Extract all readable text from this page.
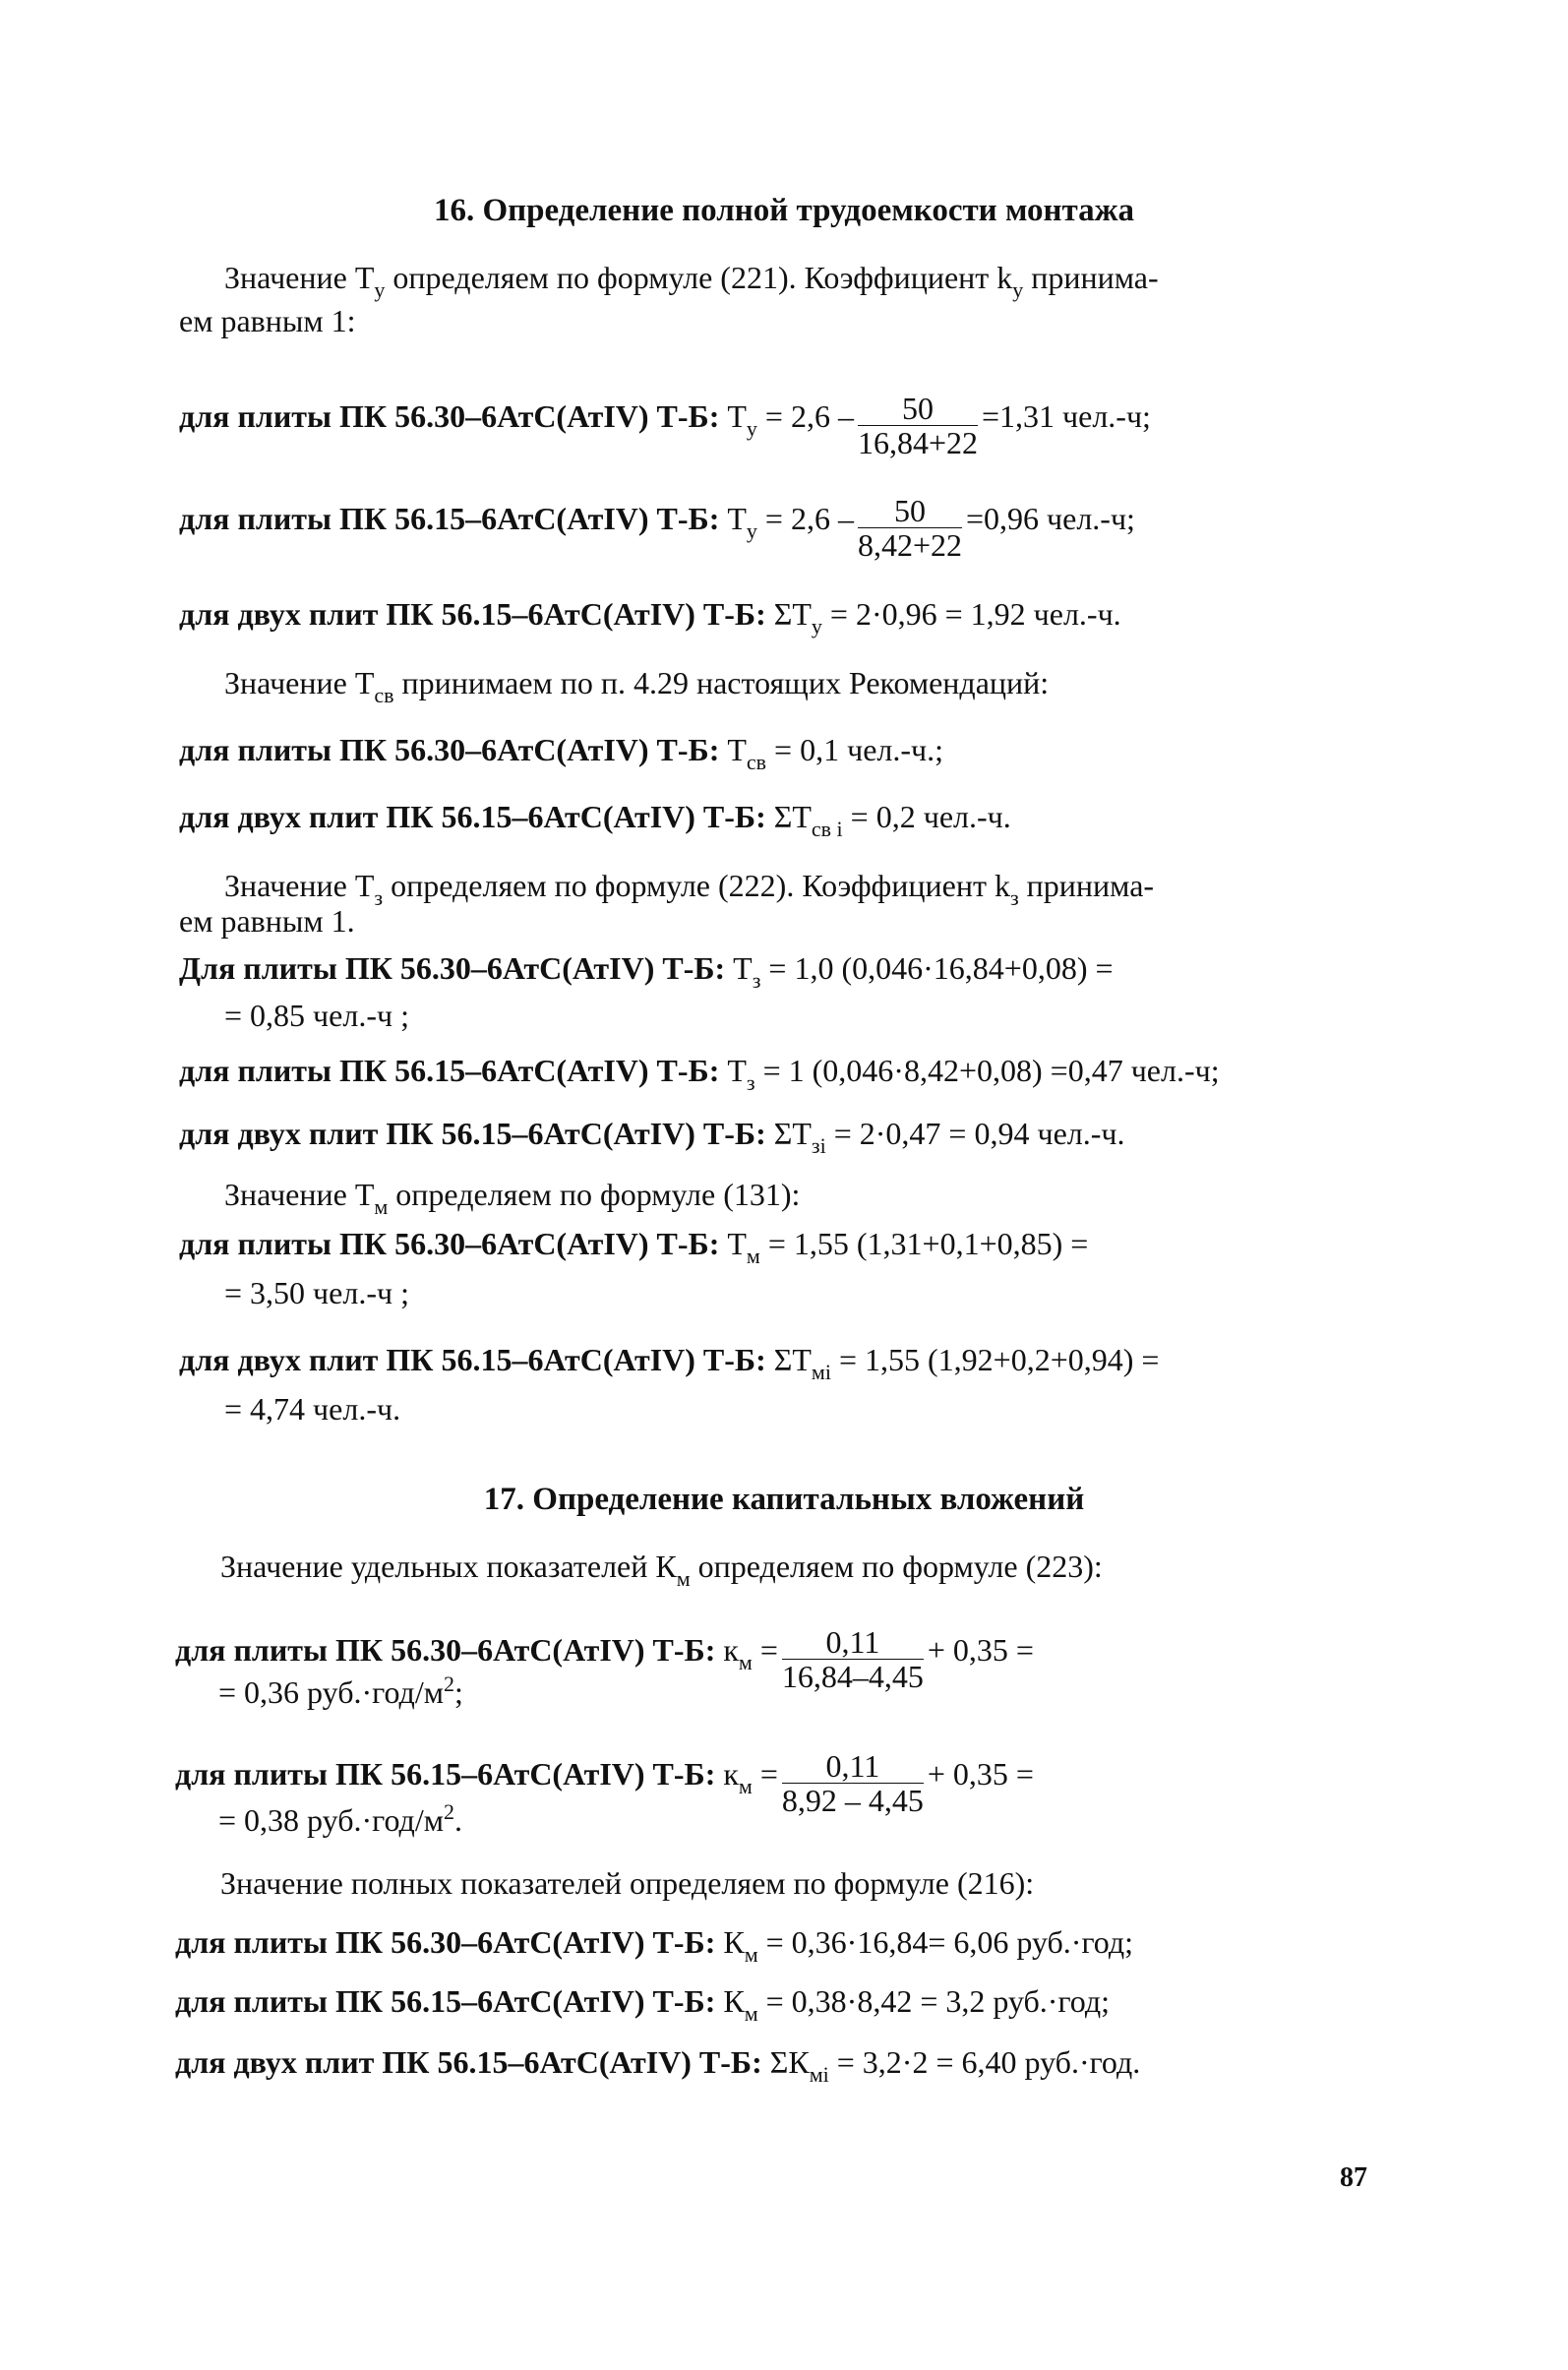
16. Определение полной трудоемкости монтажа
Значение $Т_у$ определяем по формуле (221). Коэффициент $k_у$ принима-
ем равным 1:
для плиты ПК 56.30–6АтС(АтIV) Т-Б: $Т_у = 2,6 - \frac{50}{16,84+22} =1,31$ чел.-ч;
для плиты ПК 56.15–6АтС(АтIV) Т-Б: $Т_у = 2,6 - \frac{50}{8,42+22} =0,96$ чел.-ч;
для двух плит ПК 56.15–6АтС(АтIV) Т-Б: $\Sigma Т_у = 2\cdot 0,96 = 1,92$ чел.-ч.
Значение $Т_{св}$ принимаем по п. 4.29 настоящих Рекомендаций:
для плиты ПК 56.30–6АтС(АтIV) Т-Б: $Т_{св} = 0,1$ чел.-ч.;
для двух плит ПК 56.15–6АтС(АтIV) Т-Б: $\Sigma Т_{св i} = 0,2$ чел.-ч.
Значение $Т_з$ определяем по формуле (222). Коэффициент $k_з$ принима-
ем равным 1.
Для плиты ПК 56.30–6АтС(АтIV) Т-Б: $Т_з = 1,0$ (0,046·16,84+0,08) =
= 0,85 чел.-ч ;
для плиты ПК 56.15–6АтС(АтIV) Т-Б: $Т_з = 1$ (0,046·8,42+0,08) =0,47 чел.-ч;
для двух плит ПК 56.15–6АтС(АтIV) Т-Б: $\Sigma Т_{зi} = 2\cdot 0,47 = 0,94$ чел.-ч.
Значение $Т_м$ определяем по формуле (131):
для плиты ПК 56.30–6АтС(АтIV) Т-Б: $Т_м = 1,55$ (1,31+0,1+0,85) =
= 3,50 чел.-ч ;
для двух плит ПК 56.15–6АтС(АтIV) Т-Б: $\Sigma Т_{мi} = 1,55$ (1,92+0,2+0,94) =
= 4,74 чел.-ч.
17. Определение капитальных вложений
Значение удельных показателей $К_м$ определяем по формуле (223):
для плиты ПК 56.30–6АтС(АтIV) Т-Б: $к_м = \frac{0,11}{16,84-4,45} + 0,35$ =
= 0,36 $руб.\cdot год/м^2$;
для плиты ПК 56.15–6АтС(АтIV) Т-Б: $к_м = \frac{0,11}{8,92 - 4,45} + 0,35$ =
= 0,38 $руб.\cdot год/м^2$.
Значение полных показателей определяем по формуле (216):
для плиты ПК 56.30–6АтС(АтIV) Т-Б: $К_м = 0,36\cdot 16,84= 6,06$ руб.·год;
для плиты ПК 56.15–6АтС(АтIV) Т-Б: $К_м = 0,38\cdot 8,42 = 3,2$ руб.·год;
для двух плит ПК 56.15–6АтС(АтIV) Т-Б: $\Sigma К_{мi} = 3,2\cdot 2 = 6,40$ руб.·год.
87
